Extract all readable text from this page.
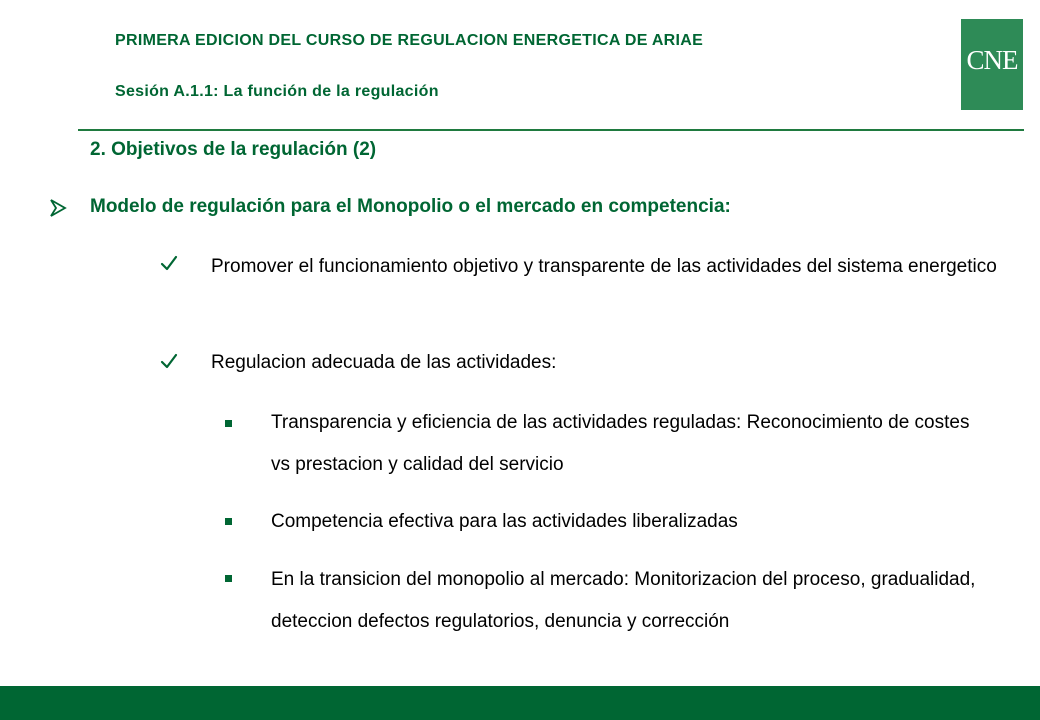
PRIMERA EDICION DEL CURSO DE REGULACION ENERGETICA DE ARIAE
Sesión A.1.1: La función de la regulación
CNE
2. Objetivos de la regulación (2)
Modelo de regulación para el Monopolio o el mercado en competencia:
Promover el funcionamiento objetivo y transparente de las actividades del sistema energetico
Regulacion adecuada de las actividades:
Transparencia y eficiencia de las actividades reguladas: Reconocimiento de costes vs prestacion y calidad del servicio
Competencia efectiva para las actividades liberalizadas
En la transicion del monopolio al mercado: Monitorizacion del proceso, gradualidad, deteccion defectos regulatorios, denuncia y corrección
